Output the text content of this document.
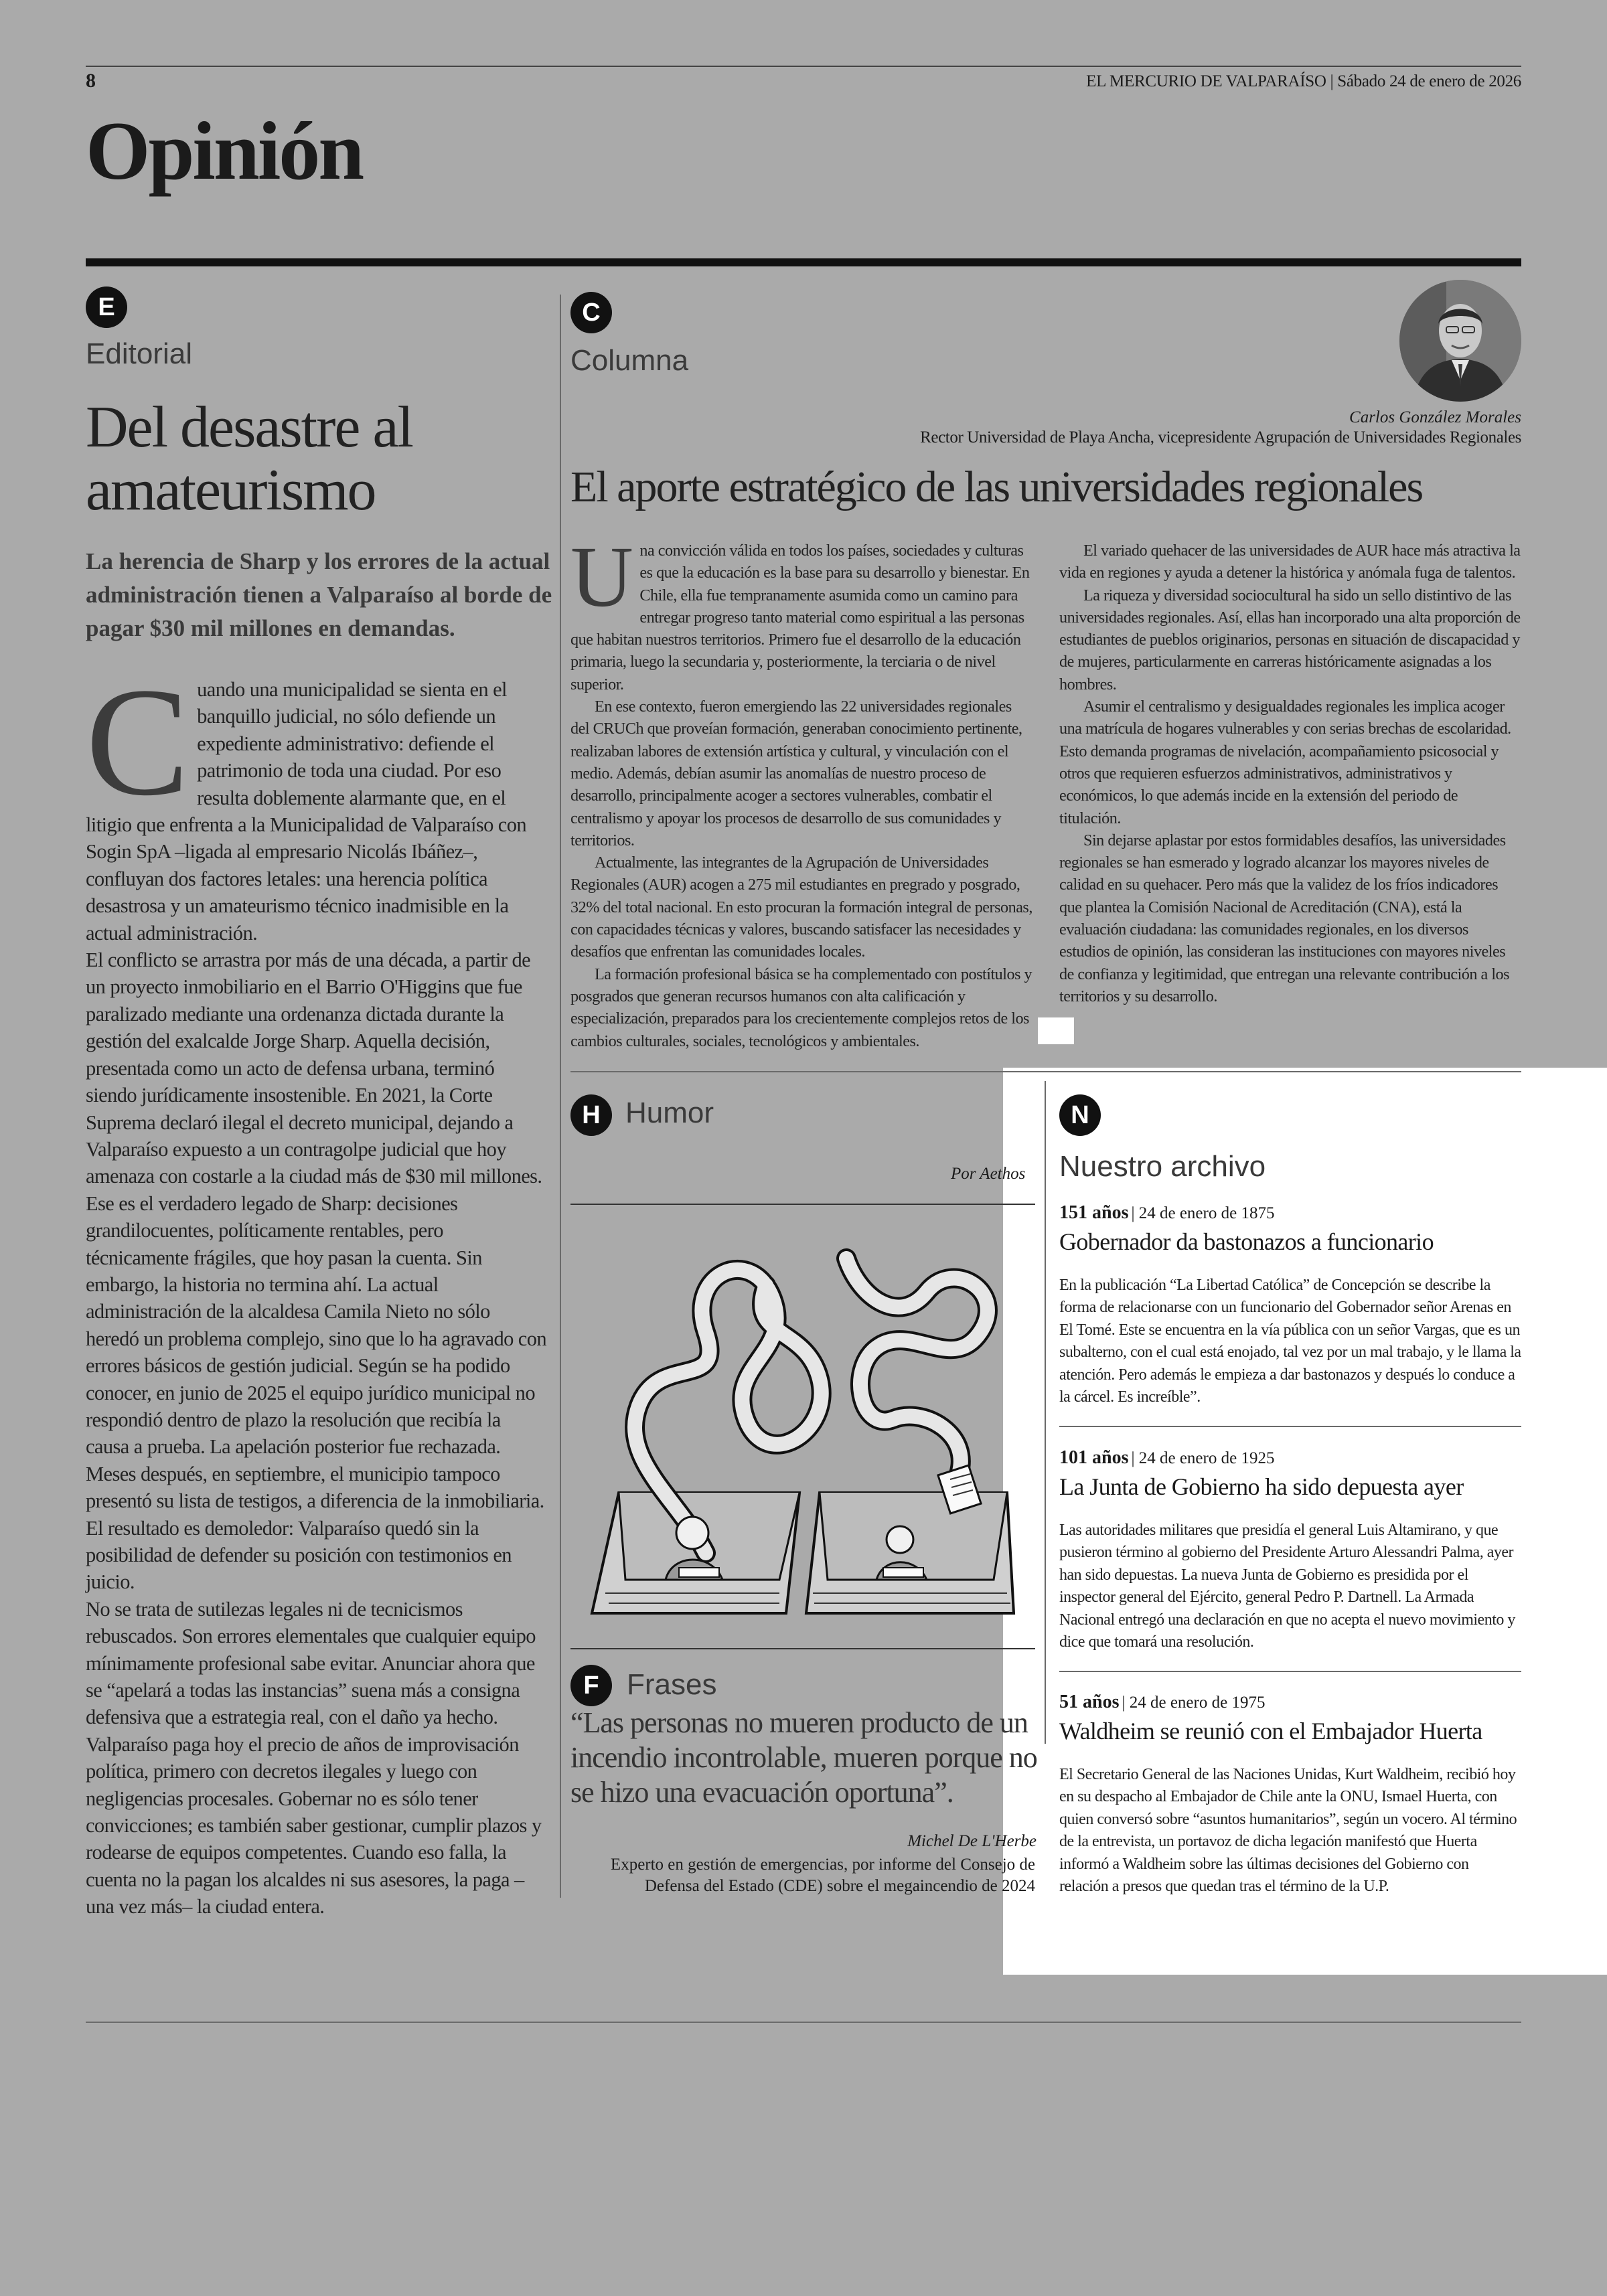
8	EL MERCURIO DE VALPARAÍSO | Sábado 24 de enero de 2026
Opinión
E
Editorial
Del desastre al amateurismo
La herencia de Sharp y los errores de la actual administración tienen a Valparaíso al borde de pagar $30 mil millones en demandas.

Cuando una municipalidad se sienta en el banquillo judicial, no sólo defiende un expediente administrativo: defiende el patrimonio de toda una ciudad. Por eso resulta doblemente alarmante que, en el litigio que enfrenta a la Municipalidad de Valparaíso con Sogin SpA –ligada al empresario Nicolás Ibáñez–, confluyan dos factores letales: una herencia política desastrosa y un amateurismo técnico inadmisible en la actual administración.

El conflicto se arrastra por más de una década, a partir de un proyecto inmobiliario en el Barrio O'Higgins que fue paralizado mediante una ordenanza dictada durante la gestión del exalcalde Jorge Sharp. Aquella decisión, presentada como un acto de defensa urbana, terminó siendo jurídicamente insostenible. En 2021, la Corte Suprema declaró ilegal el decreto municipal, dejando a Valparaíso expuesto a un contragolpe judicial que hoy amenaza con costarle a la ciudad más de $30 mil millones.

Ese es el verdadero legado de Sharp: decisiones grandilocuentes, políticamente rentables, pero técnicamente frágiles, que hoy pasan la cuenta. Sin embargo, la historia no termina ahí. La actual administración de la alcaldesa Camila Nieto no sólo heredó un problema complejo, sino que lo ha agravado con errores básicos de gestión judicial. Según se ha podido conocer, en junio de 2025 el equipo jurídico municipal no respondió dentro de plazo la resolución que recibía la causa a prueba. La apelación posterior fue rechazada. Meses después, en septiembre, el municipio tampoco presentó su lista de testigos, a diferencia de la inmobiliaria. El resultado es demoledor: Valparaíso quedó sin la posibilidad de defender su posición con testimonios en juicio.

No se trata de sutilezas legales ni de tecnicismos rebuscados. Son errores elementales que cualquier equipo mínimamente profesional sabe evitar. Anunciar ahora que se “apelará a todas las instancias” suena más a consigna defensiva que a estrategia real, con el daño ya hecho.

Valparaíso paga hoy el precio de años de improvisación política, primero con decretos ilegales y luego con negligencias procesales. Gobernar no es sólo tener convicciones; es también saber gestionar, cumplir plazos y rodearse de equipos competentes. Cuando eso falla, la cuenta no la pagan los alcaldes ni sus asesores, la paga –una vez más– la ciudad entera.

C
Columna
Carlos González Morales
Rector Universidad de Playa Ancha, vicepresidente Agrupación de Universidades Regionales
El aporte estratégico de las universidades regionales

Una convicción válida en todos los países, sociedades y culturas es que la educación es la base para su desarrollo y bienestar. En Chile, ella fue tempranamente asumida como un camino para entregar progreso tanto material como espiritual a las personas que habitan nuestros territorios. Primero fue el desarrollo de la educación primaria, luego la secundaria y, posteriormente, la terciaria o de nivel superior.

En ese contexto, fueron emergiendo las 22 universidades regionales del CRUCh que proveían formación, generaban conocimiento pertinente, realizaban labores de extensión artística y cultural, y vinculación con el medio. Además, debían asumir las anomalías de nuestro proceso de desarrollo, principalmente acoger a sectores vulnerables, combatir el centralismo y apoyar los procesos de desarrollo de sus comunidades y territorios.

Actualmente, las integrantes de la Agrupación de Universidades Regionales (AUR) acogen a 275 mil estudiantes en pregrado y posgrado, 32% del total nacional. En esto procuran la formación integral de personas, con capacidades técnicas y valores, buscando satisfacer las necesidades y desafíos que enfrentan las comunidades locales.

La formación profesional básica se ha complementado con postítulos y posgrados que generan recursos humanos con alta calificación y especialización, preparados para los crecientemente complejos retos de los cambios culturales, sociales, tecnológicos y ambientales.

El variado quehacer de las universidades de AUR hace más atractiva la vida en regiones y ayuda a detener la histórica y anómala fuga de talentos.

La riqueza y diversidad sociocultural ha sido un sello distintivo de las universidades regionales. Así, ellas han incorporado una alta proporción de estudiantes de pueblos originarios, personas en situación de discapacidad y de mujeres, particularmente en carreras históricamente asignadas a los hombres.

Asumir el centralismo y desigualdades regionales les implica acoger una matrícula de hogares vulnerables y con serias brechas de escolaridad. Esto demanda programas de nivelación, acompañamiento psicosocial y otros que requieren esfuerzos administrativos, administrativos y económicos, lo que además incide en la extensión del periodo de titulación.

Sin dejarse aplastar por estos formidables desafíos, las universidades regionales se han esmerado y logrado alcanzar los mayores niveles de calidad en su quehacer. Pero más que la validez de los fríos indicadores que plantea la Comisión Nacional de Acreditación (CNA), está la evaluación ciudadana: las comunidades regionales, en los diversos estudios de opinión, las consideran las instituciones con mayores niveles de confianza y legitimidad, que entregan una relevante contribución a los territorios y su desarrollo.

H Humor
Por Aethos
F Frases
“Las personas no mueren producto de un incendio incontrolable, mueren porque no se hizo una evacuación oportuna”.
Michel De L'Herbe
Experto en gestión de emergencias, por informe del Consejo de Defensa del Estado (CDE) sobre el megaincendio de 2024
N
Nuestro archivo
151 años | 24 de enero de 1875
Gobernador da bastonazos a funcionario
En la publicación “La Libertad Católica” de Concepción se describe la forma de relacionarse con un funcionario del Gobernador señor Arenas en El Tomé. Este se encuentra en la vía pública con un señor Vargas, que es un subalterno, con el cual está enojado, tal vez por un mal trabajo, y le llama la atención. Pero además le empieza a dar bastonazos y después lo conduce a la cárcel. Es increíble”.
101 años | 24 de enero de 1925
La Junta de Gobierno ha sido depuesta ayer
Las autoridades militares que presidía el general Luis Altamirano, y que pusieron término al gobierno del Presidente Arturo Alessandri Palma, ayer han sido depuestas. La nueva Junta de Gobierno es presidida por el inspector general del Ejército, general Pedro P. Dartnell. La Armada Nacional entregó una declaración en que no acepta el nuevo movimiento y dice que tomará una resolución.
51 años | 24 de enero de 1975
Waldheim se reunió con el Embajador Huerta
El Secretario General de las Naciones Unidas, Kurt Waldheim, recibió hoy en su despacho al Embajador de Chile ante la ONU, Ismael Huerta, con quien conversó sobre “asuntos humanitarios”, según un vocero. Al término de la entrevista, un portavoz de dicha legación manifestó que Huerta informó a Waldheim sobre las últimas decisiones del Gobierno con relación a presos que quedan tras el término de la U.P.
